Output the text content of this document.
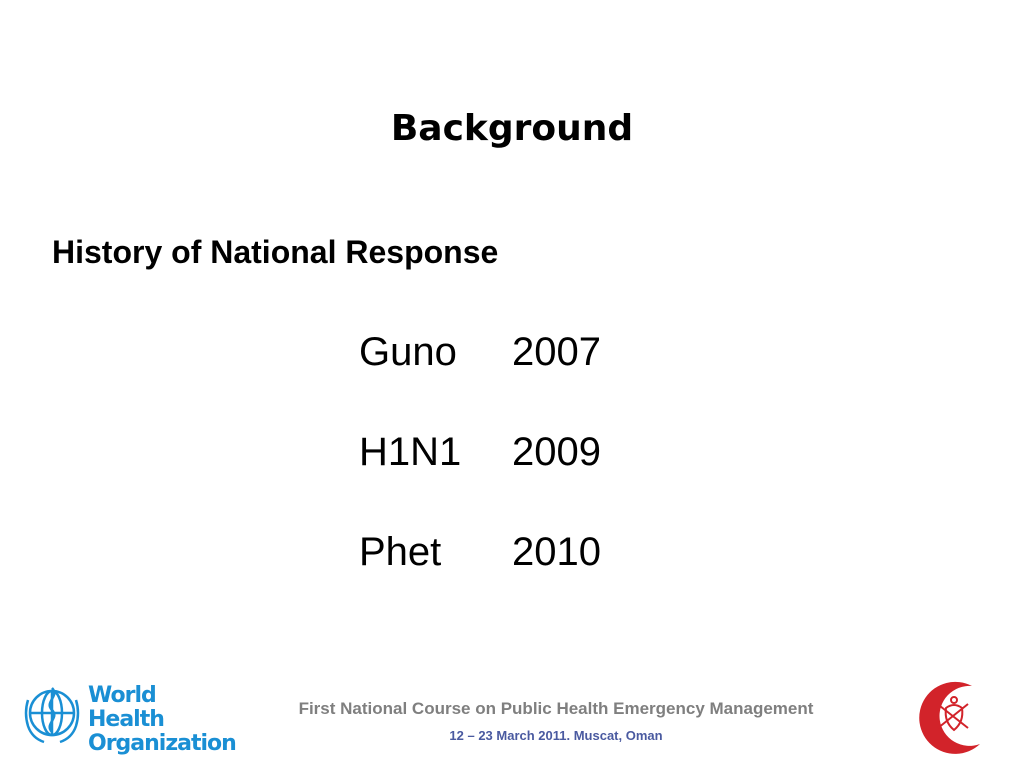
Background
History of National Response
Guno 2007
H1N1 2009
Phet 2010
World Health
Organization
First National Course on Public Health Emergency Management
12 – 23 March 2011. Muscat, Oman
